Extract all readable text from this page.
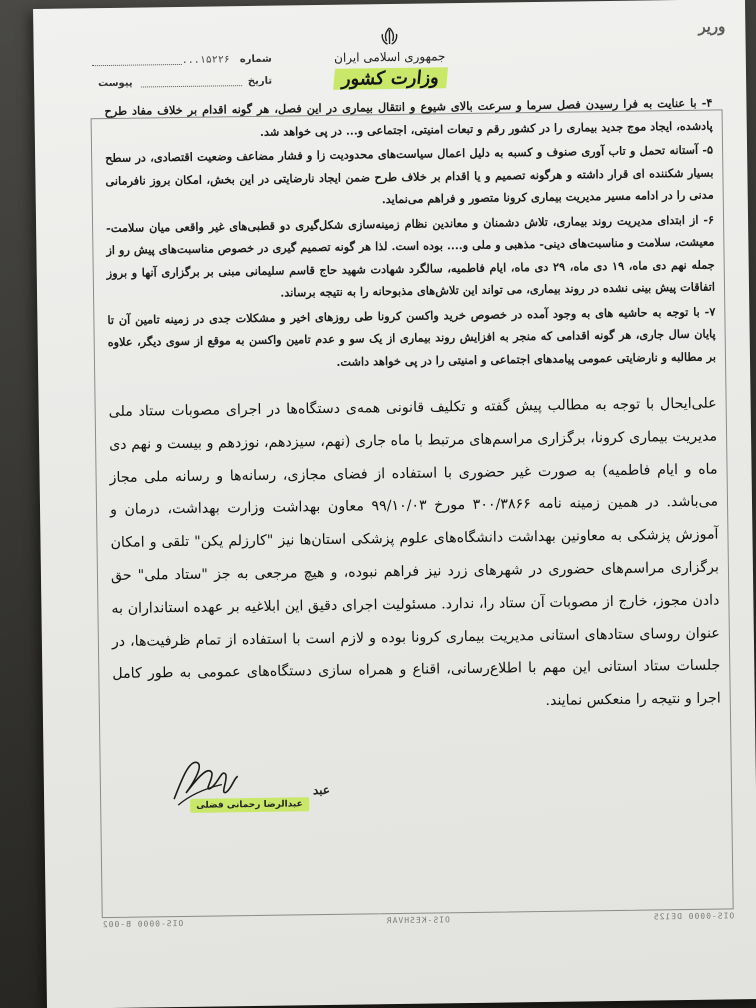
ورير
جمهوری اسلامی ایران
وزارت کشور
شماره
۱۵۲۲۶...
تاریخ
پیوست

۴- با عنایت به فرا رسیدن فصل سرما و سرعت بالای شیوع و انتقال بیماری در این فصل، هر گونه اقدام بر خلاف مفاد طرح پادشده، ایجاد موج جدید بیماری را در کشور رقم و تبعات امنیتی، اجتماعی و... در پی خواهد شد.

۵- آستانه تحمل و تاب آوری صنوف و کسبه به دلیل اعمال سیاست‌های محدودیت زا و فشار مضاعف وضعیت اقتصادی، در سطح بسیار شکننده ای قرار داشته و هرگونه تصمیم و یا اقدام بر خلاف طرح ضمن ایجاد نارضایتی در این بخش، امکان بروز نافرمانی مدنی را در ادامه مسیر مدیریت بیماری کرونا متصور و فراهم می‌نماید.

۶- از ابتدای مدیریت روند بیماری، تلاش دشمنان و معاندین نظام زمینه‌سازی شکل‌گیری دو قطبی‌های غیر واقعی میان سلامت-معیشت، سلامت و مناسبت‌های دینی- مذهبی و ملی و.... بوده است. لذا هر گونه تصمیم گیری در خصوص مناسبت‌های پیش رو از جمله نهم دی ماه، ۱۹ دی ماه، ۲۹ دی ماه، ایام فاطمیه، سالگرد شهادت شهید حاج قاسم سلیمانی مبنی بر برگزاری آنها و بروز اتفاقات پیش بینی نشده در روند بیماری، می تواند این تلاش‌های مذبوحانه را به نتیجه برساند.

۷- با توجه به حاشیه های به وجود آمده در خصوص خرید واکسن کرونا طی روزهای اخیر و مشکلات جدی در زمینه تامین آن تا پایان سال جاری، هر گونه اقدامی که منجر به افزایش روند بیماری از یک سو و عدم تامین واکسن به موقع از سوی دیگر، علاوه بر مطالبه و نارضایتی عمومی پیامدهای اجتماعی و امنیتی را در پی خواهد داشت.

علی‌ایحال با توجه به مطالب پیش گفته و تکلیف قانونی همه‌ی دستگاه‌ها در اجرای مصوبات ستاد ملی مدیریت بیماری کرونا، برگزاری مراسم‌های مرتبط با ماه جاری (نهم، سیزدهم، نوزدهم و بیست و نهم دی ماه و ایام فاطمیه) به صورت غیر حضوری با استفاده از فضای مجازی، رسانه‌ها و رسانه ملی مجاز می‌باشد. در همین زمینه نامه ۳۰۰/۳۸۶۶ مورخ ۹۹/۱۰/۰۳ معاون بهداشت وزارت بهداشت، درمان و آموزش پزشکی به معاونین بهداشت دانشگاه‌های علوم پزشکی استان‌ها نیز "کارزلم یکن" تلقی و امکان برگزاری مراسم‌های حضوری در شهرهای زرد نیز فراهم نبوده، و هیچ مرجعی به جز "ستاد ملی" حق دادن مجوز، خارج از مصوبات آن ستاد را، ندارد. مسئولیت اجرای دقیق این ابلاغیه بر عهده استانداران به عنوان روسای ستادهای استانی مدیریت بیماری کرونا بوده و لازم است با استفاده از تمام ظرفیت‌ها، در جلسات ستاد استانی این مهم با اطلاع‌رسانی، اقناع و همراه سازی دستگاه‌های عمومی به طور کامل اجرا و نتیجه را منعکس نمایند.

عبد
عبدالرضا رحمانی فضلی
OIS-0000 B-002	OIS-KESHVAR	OIS-0000 DE125
